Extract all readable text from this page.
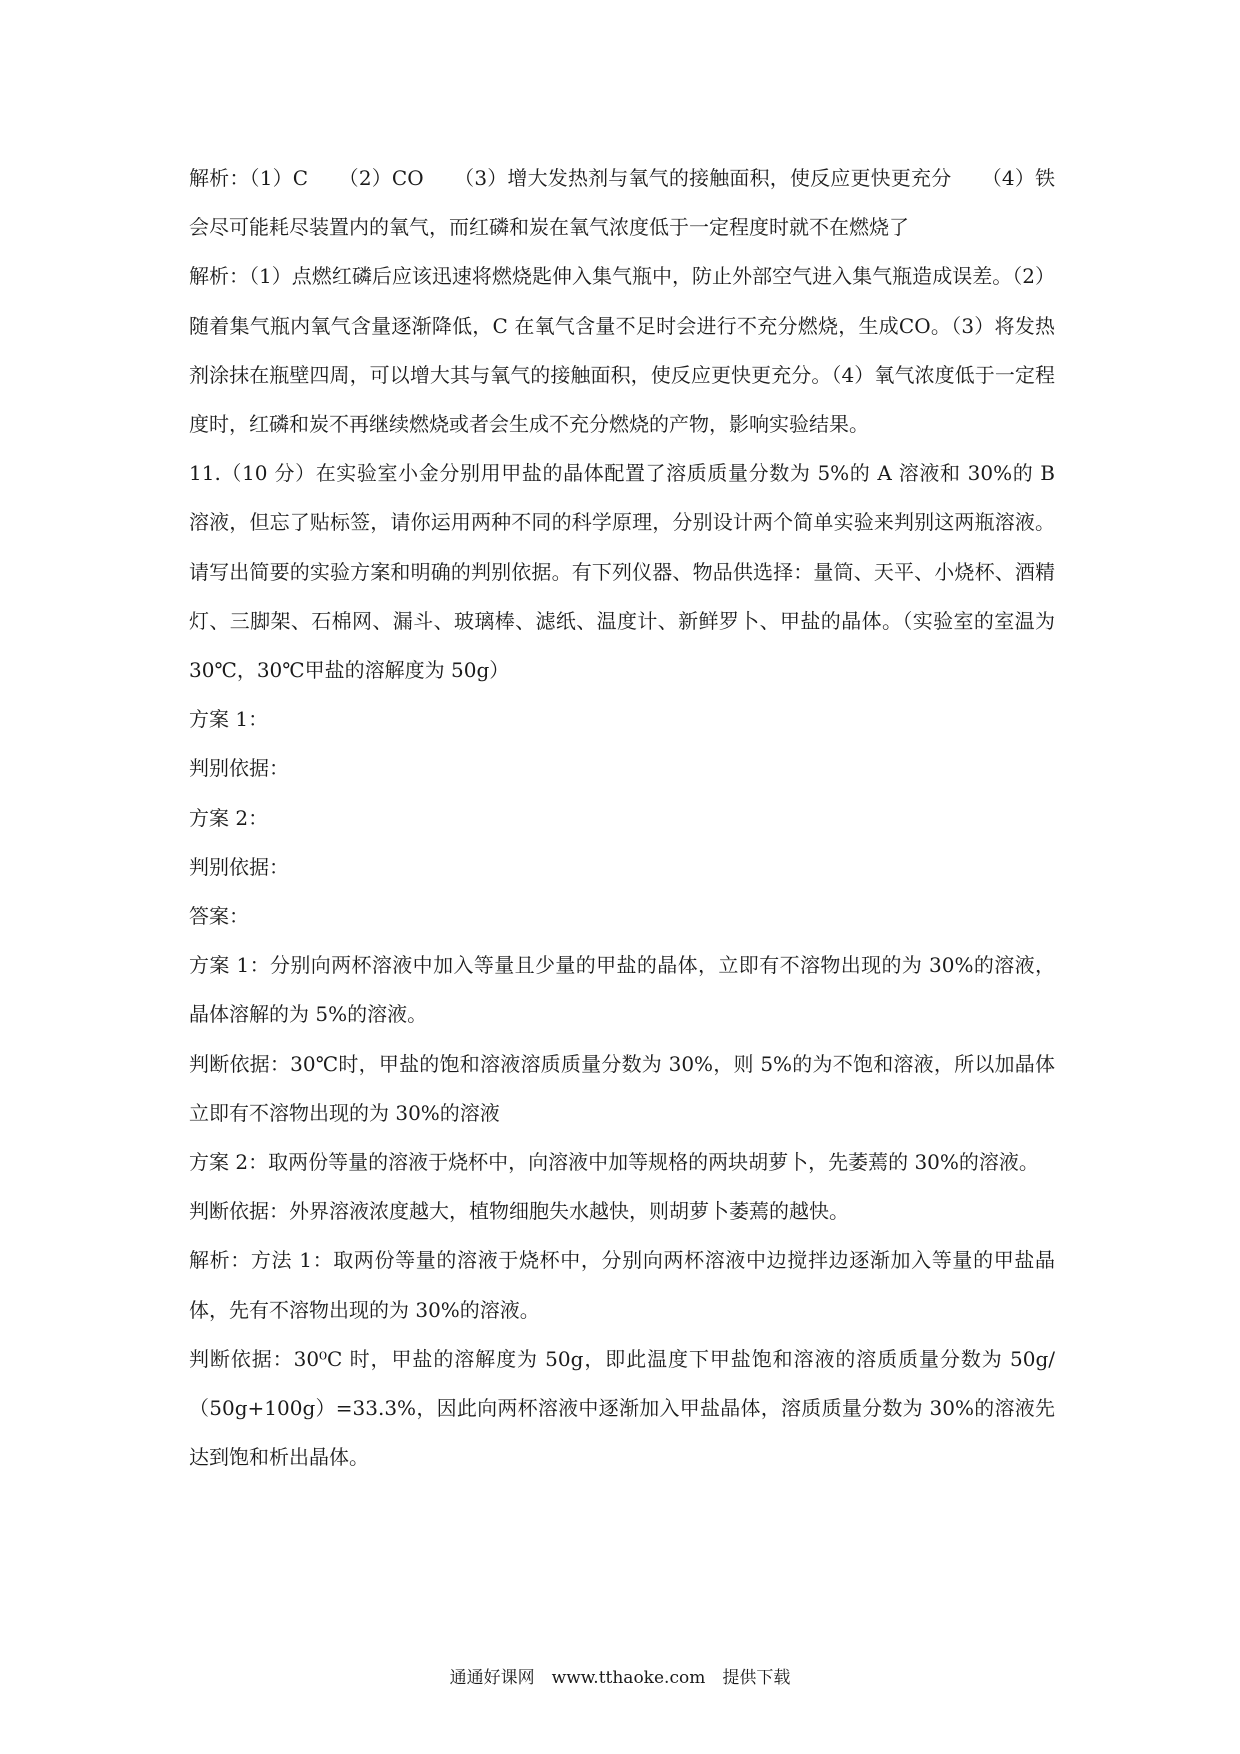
解析：（1）C　　（2）CO　　（3）增大发热剂与氧气的接触面积，使反应更快更充分　　（4）铁会尽可能耗尽装置内的氧气，而红磷和炭在氧气浓度低于一定程度时就不在燃烧了

解析：（1）点燃红磷后应该迅速将燃烧匙伸入集气瓶中，防止外部空气进入集气瓶造成误差。（2）随着集气瓶内氧气含量逐渐降低，C 在氧气含量不足时会进行不充分燃烧，生成CO。（3）将发热剂涂抹在瓶壁四周，可以增大其与氧气的接触面积，使反应更快更充分。（4）氧气浓度低于一定程度时，红磷和炭不再继续燃烧或者会生成不充分燃烧的产物，影响实验结果。

11.（10 分）在实验室小金分别用甲盐的晶体配置了溶质质量分数为 5%的 A 溶液和 30%的 B 溶液，但忘了贴标签，请你运用两种不同的科学原理，分别设计两个简单实验来判别这两瓶溶液。请写出简要的实验方案和明确的判别依据。有下列仪器、物品供选择：量筒、天平、小烧杯、酒精灯、三脚架、石棉网、漏斗、玻璃棒、滤纸、温度计、新鲜罗卜、甲盐的晶体。（实验室的室温为 30℃，30℃甲盐的溶解度为 50g）

方案 1：

判别依据：

方案 2：

判别依据：

答案：

方案 1：分别向两杯溶液中加入等量且少量的甲盐的晶体，立即有不溶物出现的为 30%的溶液，晶体溶解的为 5%的溶液。

判断依据：30℃时，甲盐的饱和溶液溶质质量分数为 30%，则 5%的为不饱和溶液，所以加晶体立即有不溶物出现的为 30%的溶液

方案 2：取两份等量的溶液于烧杯中，向溶液中加等规格的两块胡萝卜，先萎蔫的 30%的溶液。

判断依据：外界溶液浓度越大，植物细胞失水越快，则胡萝卜萎蔫的越快。

解析：方法 1：取两份等量的溶液于烧杯中，分别向两杯溶液中边搅拌边逐渐加入等量的甲盐晶体，先有不溶物出现的为 30%的溶液。

判断依据：30⁰C 时，甲盐的溶解度为 50g，即此温度下甲盐饱和溶液的溶质质量分数为 50g/（50g+100g）=33.3%，因此向两杯溶液中逐渐加入甲盐晶体，溶质质量分数为 30%的溶液先达到饱和析出晶体。

通通好课网　www.tthaoke.com　提供下载
